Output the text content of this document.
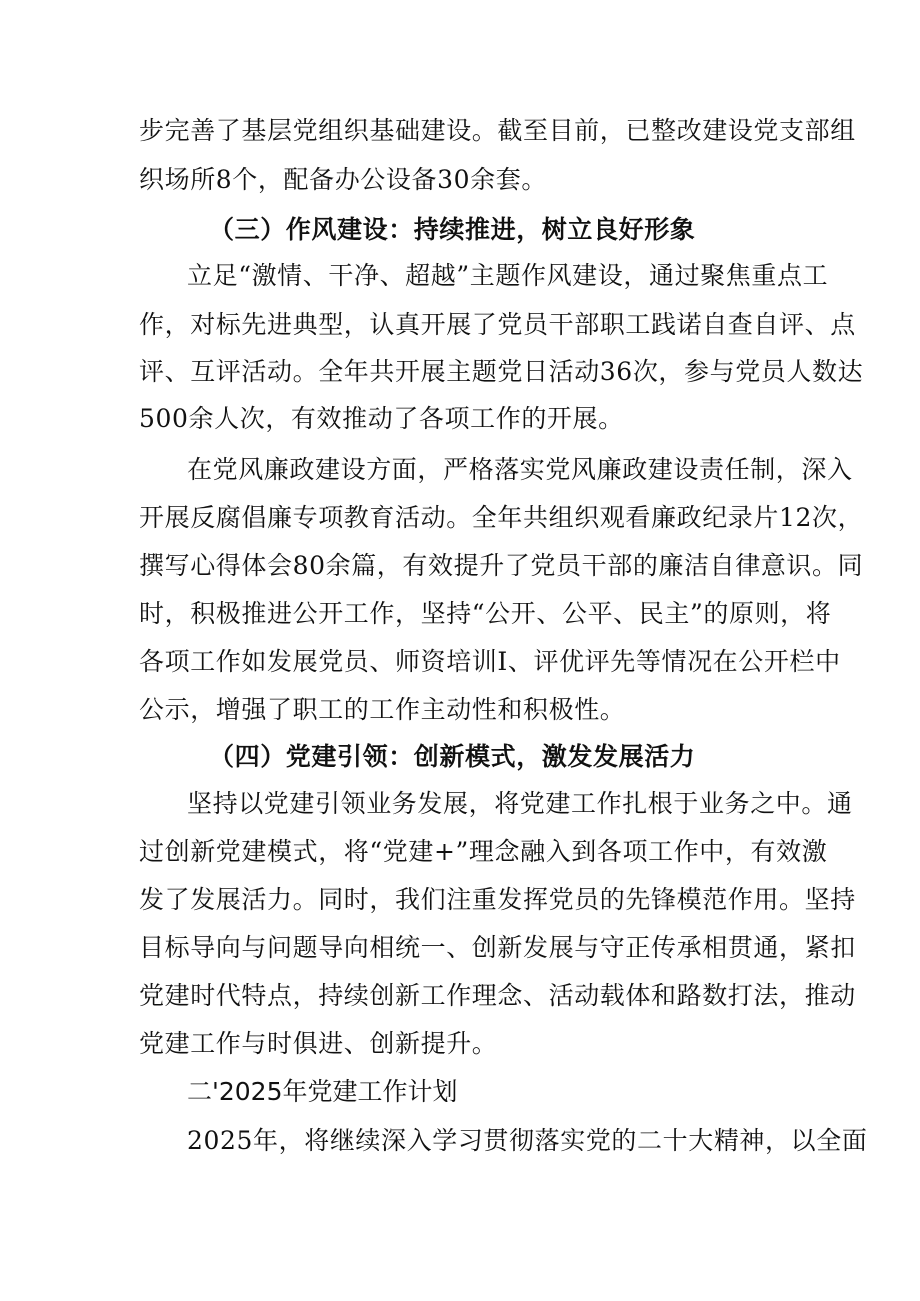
步完善了基层党组织基础建设。截至目前，已整改建设党支部组
织场所8个，配备办公设备30余套。
（三）作风建设：持续推进，树立良好形象
立足“激情、干净、超越”主题作风建设，通过聚焦重点工
作，对标先进典型，认真开展了党员干部职工践诺自查自评、点
评、互评活动。全年共开展主题党日活动36次，参与党员人数达
500余人次，有效推动了各项工作的开展。
在党风廉政建设方面，严格落实党风廉政建设责任制，深入
开展反腐倡廉专项教育活动。全年共组织观看廉政纪录片12次，
撰写心得体会80余篇，有效提升了党员干部的廉洁自律意识。同
时，积极推进公开工作，坚持“公开、公平、民主”的原则，将
各项工作如发展党员、师资培训I、评优评先等情况在公开栏中
公示，增强了职工的工作主动性和积极性。
（四）党建引领：创新模式，激发发展活力
坚持以党建引领业务发展，将党建工作扎根于业务之中。通
过创新党建模式，将“党建+”理念融入到各项工作中，有效激
发了发展活力。同时，我们注重发挥党员的先锋模范作用。坚持
目标导向与问题导向相统一、创新发展与守正传承相贯通，紧扣
党建时代特点，持续创新工作理念、活动载体和路数打法，推动
党建工作与时俱进、创新提升。
二'2025年党建工作计划
2025年，将继续深入学习贯彻落实党的二十大精神，以全面
